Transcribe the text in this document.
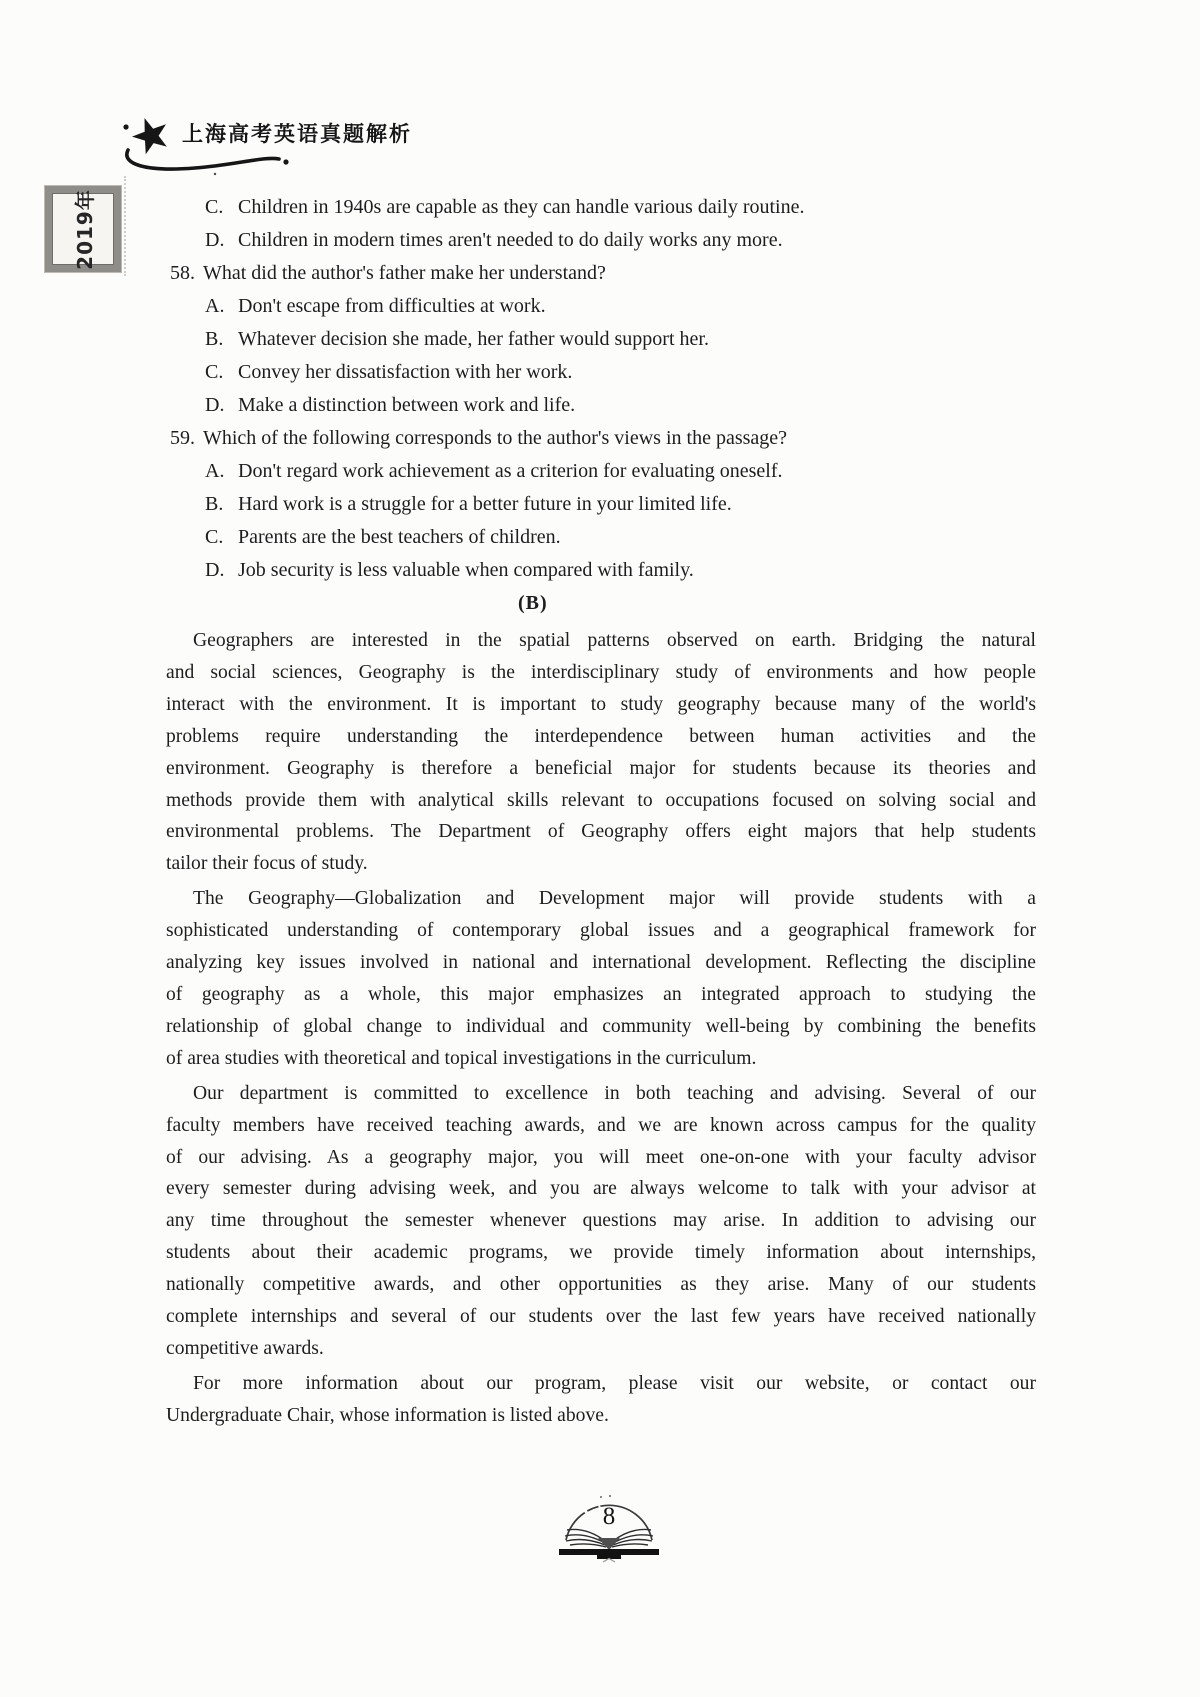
上海高考英语真题解析
2019年	C. Children in 1940s are capable as they can handle various daily routine.
D. Children in modern times aren't needed to do daily works any more.
58. What did the author's father make her understand?
A. Don't escape from difficulties at work.
B. Whatever decision she made, her father would support her.
C. Convey her dissatisfaction with her work.
D. Make a distinction between work and life.
59. Which of the following corresponds to the author's views in the passage?
A. Don't regard work achievement as a criterion for evaluating oneself.
B. Hard work is a struggle for a better future in your limited life.
C. Parents are the best teachers of children.
D. Job security is less valuable when compared with family.
(B)
Geographers are interested in the spatial patterns observed on earth. Bridging the natural
and social sciences, Geography is the interdisciplinary study of environments and how people
interact with the environment. It is important to study geography because many of the world's
problems require understanding the interdependence between human activities and the
environment. Geography is therefore a beneficial major for students because its theories and
methods provide them with analytical skills relevant to occupations focused on solving social and
environmental problems. The Department of Geography offers eight majors that help students
tailor their focus of study.
The Geography—Globalization and Development major will provide students with a
sophisticated understanding of contemporary global issues and a geographical framework for
analyzing key issues involved in national and international development. Reflecting the discipline
of geography as a whole, this major emphasizes an integrated approach to studying the
relationship of global change to individual and community well-being by combining the benefits
of area studies with theoretical and topical investigations in the curriculum.
Our department is committed to excellence in both teaching and advising. Several of our
faculty members have received teaching awards, and we are known across campus for the quality
of our advising. As a geography major, you will meet one-on-one with your faculty advisor
every semester during advising week, and you are always welcome to talk with your advisor at
any time throughout the semester whenever questions may arise. In addition to advising our
students about their academic programs, we provide timely information about internships,
nationally competitive awards, and other opportunities as they arise. Many of our students
complete internships and several of our students over the last few years have received nationally
competitive awards.
For more information about our program, please visit our website, or contact our
Undergraduate Chair, whose information is listed above.
8
